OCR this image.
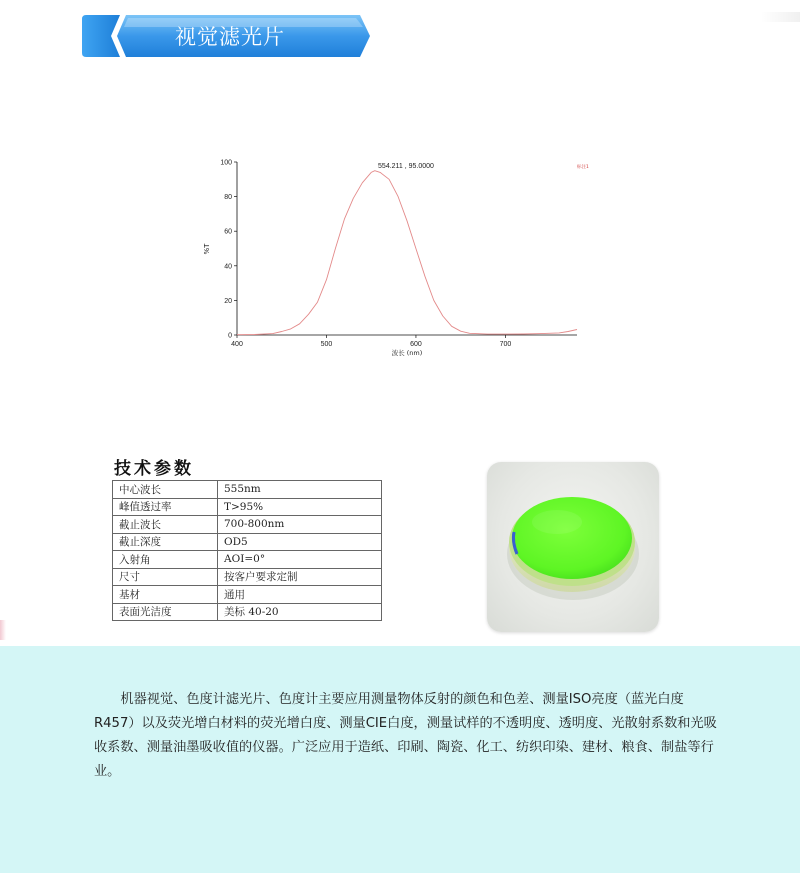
视觉滤光片
0
20
40
60
80
100
400	500	600	700
554.211 , 95.0000	标注1
波长 (nm)
%T
技术参数
中心波长	555nm
峰值透过率	T>95%
截止波长	700-800nm
截止深度	OD5
入射角	AOI=0°
尺寸	按客户要求定制
基材	通用
表面光洁度	美标 40-20

机器视觉、色度计滤光片、色度计主要应用测量物体反射的颜色和色差、测量ISO亮度（蓝光白度R457）以及荧光增白材料的荧光增白度、测量CIE白度，测量试样的不透明度、透明度、光散射系数和光吸收系数、测量油墨吸收值的仪器。广泛应用于造纸、印刷、陶瓷、化工、纺织印染、建材、粮食、制盐等行业。
